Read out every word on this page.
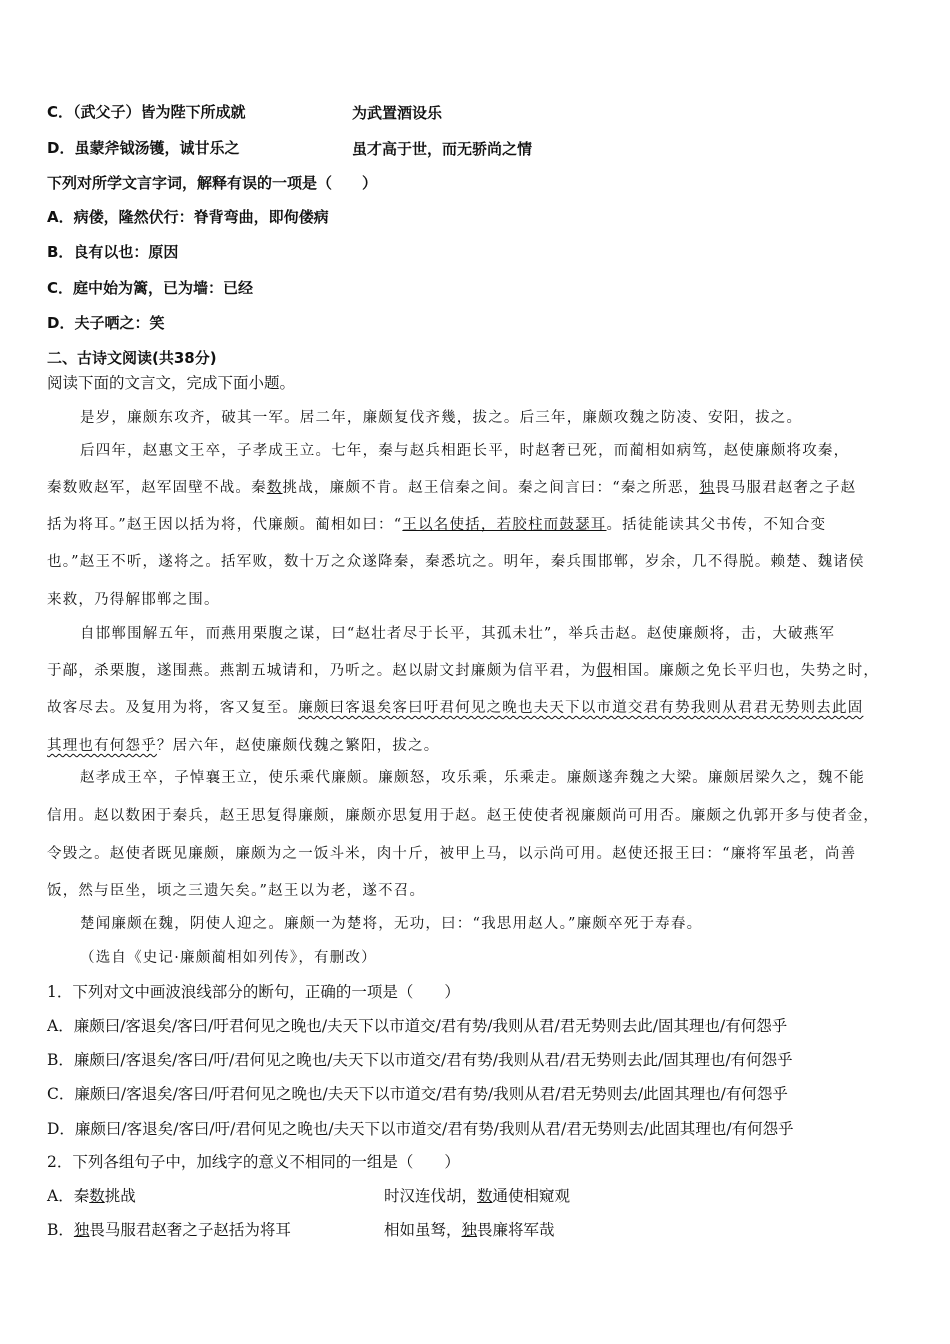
C．（武父子）皆为陛下所成就	为武置酒设乐
D．虽蒙斧钺汤镬，诚甘乐之	虽才高于世，而无骄尚之情
下列对所学文言字词，解释有误的一项是（　　）
A．病偻，隆然伏行：脊背弯曲，即佝偻病
B．良有以也：原因
C．庭中始为篱，已为墙：已经
D．夫子哂之：笑
二、古诗文阅读(共38分)
阅读下面的文言文，完成下面小题。
是岁，廉颇东攻齐，破其一军。居二年，廉颇复伐齐幾，拔之。后三年，廉颇攻魏之防凌、安阳，拔之。
后四年，赵惠文王卒，子孝成王立。七年，秦与赵兵相距长平，时赵奢已死，而蔺相如病笃，赵使廉颇将攻秦，
秦数败赵军，赵军固壁不战。秦数挑战，廉颇不肯。赵王信秦之间。秦之间言曰：“秦之所恶，独畏马服君赵奢之子赵
括为将耳。”赵王因以括为将，代廉颇。蔺相如曰：“王以名使括，若胶柱而鼓瑟耳。括徒能读其父书传，不知合变
也。”赵王不听，遂将之。括军败，数十万之众遂降秦，秦悉坑之。明年，秦兵围邯郸，岁余，几不得脱。赖楚、魏诸侯
来救，乃得解邯郸之围。
自邯郸围解五年，而燕用栗腹之谋，曰“赵壮者尽于长平，其孤未壮”，举兵击赵。赵使廉颇将，击，大破燕军
于鄗，杀栗腹，遂围燕。燕割五城请和，乃听之。赵以尉文封廉颇为信平君，为假相国。廉颇之免长平归也，失势之时，
故客尽去。及复用为将，客又复至。廉颇曰客退矣客曰吁君何见之晚也夫天下以市道交君有势我则从君君无势则去此固
其理也有何怨乎？居六年，赵使廉颇伐魏之繁阳，拔之。
赵孝成王卒，子悼襄王立，使乐乘代廉颇。廉颇怒，攻乐乘，乐乘走。廉颇遂奔魏之大梁。廉颇居梁久之，魏不能
信用。赵以数困于秦兵，赵王思复得廉颇，廉颇亦思复用于赵。赵王使使者视廉颇尚可用否。廉颇之仇郭开多与使者金，
令毁之。赵使者既见廉颇，廉颇为之一饭斗米，肉十斤，被甲上马，以示尚可用。赵使还报王曰：“廉将军虽老，尚善
饭，然与臣坐，顷之三遗矢矣。”赵王以为老，遂不召。
楚闻廉颇在魏，阴使人迎之。廉颇一为楚将，无功，曰：“我思用赵人。”廉颇卒死于寿春。
（选自《史记·廉颇蔺相如列传》，有删改）
1．下列对文中画波浪线部分的断句，正确的一项是（　　）
A．廉颇曰/客退矣/客曰/吁君何见之晚也/夫天下以市道交/君有势/我则从君/君无势则去此/固其理也/有何怨乎
B．廉颇曰/客退矣/客曰/吁/君何见之晚也/夫天下以市道交/君有势/我则从君/君无势则去此/固其理也/有何怨乎
C．廉颇曰/客退矣/客曰/吁君何见之晚也/夫天下以市道交/君有势/我则从君/君无势则去/此固其理也/有何怨乎
D．廉颇曰/客退矣/客曰/吁/君何见之晚也/夫天下以市道交/君有势/我则从君/君无势则去/此固其理也/有何怨乎
2．下列各组句子中，加线字的意义不相同的一组是（　　）
A．秦数挑战	时汉连伐胡，数通使相窥观
B．独畏马服君赵奢之子赵括为将耳	相如虽驽，独畏廉将军哉
